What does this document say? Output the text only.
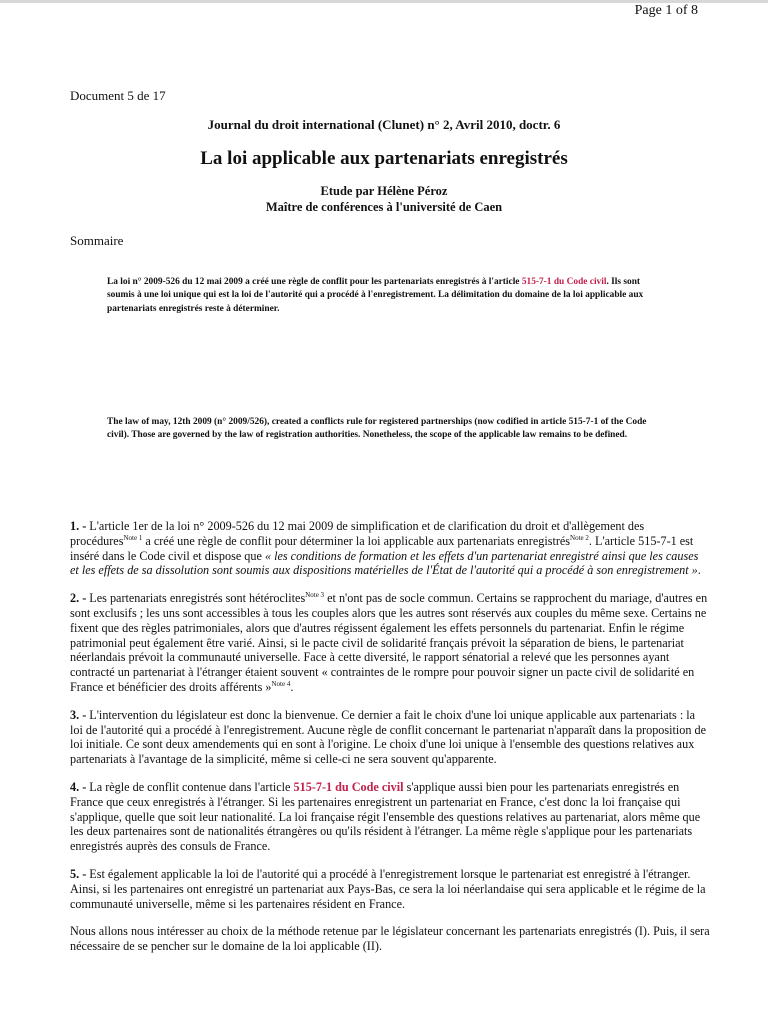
Page 1 of 8
Document 5 de 17
Journal du droit international (Clunet) n° 2, Avril 2010, doctr. 6
La loi applicable aux partenariats enregistrés
Etude par Hélène Péroz
Maître de conférences à l'université de Caen
Sommaire
La loi n° 2009-526 du 12 mai 2009 a créé une règle de conflit pour les partenariats enregistrés à l'article 515-7-1 du Code civil. Ils sont soumis à une loi unique qui est la loi de l'autorité qui a procédé à l'enregistrement. La délimitation du domaine de la loi applicable aux partenariats enregistrés reste à déterminer.
The law of may, 12th 2009 (n° 2009/526), created a conflicts rule for registered partnerships (now codified in article 515-7-1 of the Code civil). Those are governed by the law of registration authorities. Nonetheless, the scope of the applicable law remains to be defined.

1. - L'article 1er de la loi n° 2009-526 du 12 mai 2009 de simplification et de clarification du droit et d'allègement des procédures$^{Note 1}$ a créé une règle de conflit pour déterminer la loi applicable aux partenariats enregistrés$^{Note 2}$. L'article 515-7-1 est inséré dans le Code civil et dispose que « les conditions de formation et les effets d'un partenariat enregistré ainsi que les causes et les effets de sa dissolution sont soumis aux dispositions matérielles de l'État de l'autorité qui a procédé à son enregistrement ».

2. - Les partenariats enregistrés sont hétéroclites$^{Note 3}$ et n'ont pas de socle commun. Certains se rapprochent du mariage, d'autres en sont exclusifs ; les uns sont accessibles à tous les couples alors que les autres sont réservés aux couples du même sexe. Certains ne fixent que des règles patrimoniales, alors que d'autres régissent également les effets personnels du partenariat. Enfin le régime patrimonial peut également être varié. Ainsi, si le pacte civil de solidarité français prévoit la séparation de biens, le partenariat néerlandais prévoit la communauté universelle. Face à cette diversité, le rapport sénatorial a relevé que les personnes ayant contracté un partenariat à l'étranger étaient souvent « contraintes de le rompre pour pouvoir signer un pacte civil de solidarité en France et bénéficier des droits afférents »$^{Note 4}$.

3. - L'intervention du législateur est donc la bienvenue. Ce dernier a fait le choix d'une loi unique applicable aux partenariats : la loi de l'autorité qui a procédé à l'enregistrement. Aucune règle de conflit concernant le partenariat n'apparaît dans la proposition de loi initiale. Ce sont deux amendements qui en sont à l'origine. Le choix d'une loi unique à l'ensemble des questions relatives aux partenariats à l'avantage de la simplicité, même si celle-ci ne sera souvent qu'apparente.

4. - La règle de conflit contenue dans l'article 515-7-1 du Code civil s'applique aussi bien pour les partenariats enregistrés en France que ceux enregistrés à l'étranger. Si les partenaires enregistrent un partenariat en France, c'est donc la loi française qui s'applique, quelle que soit leur nationalité. La loi française régit l'ensemble des questions relatives au partenariat, alors même que les deux partenaires sont de nationalités étrangères ou qu'ils résident à l'étranger. La même règle s'applique pour les partenariats enregistrés auprès des consuls de France.

5. - Est également applicable la loi de l'autorité qui a procédé à l'enregistrement lorsque le partenariat est enregistré à l'étranger. Ainsi, si les partenaires ont enregistré un partenariat aux Pays-Bas, ce sera la loi néerlandaise qui sera applicable et le régime de la communauté universelle, même si les partenaires résident en France.

Nous allons nous intéresser au choix de la méthode retenue par le législateur concernant les partenariats enregistrés (I). Puis, il sera nécessaire de se pencher sur le domaine de la loi applicable (II).
